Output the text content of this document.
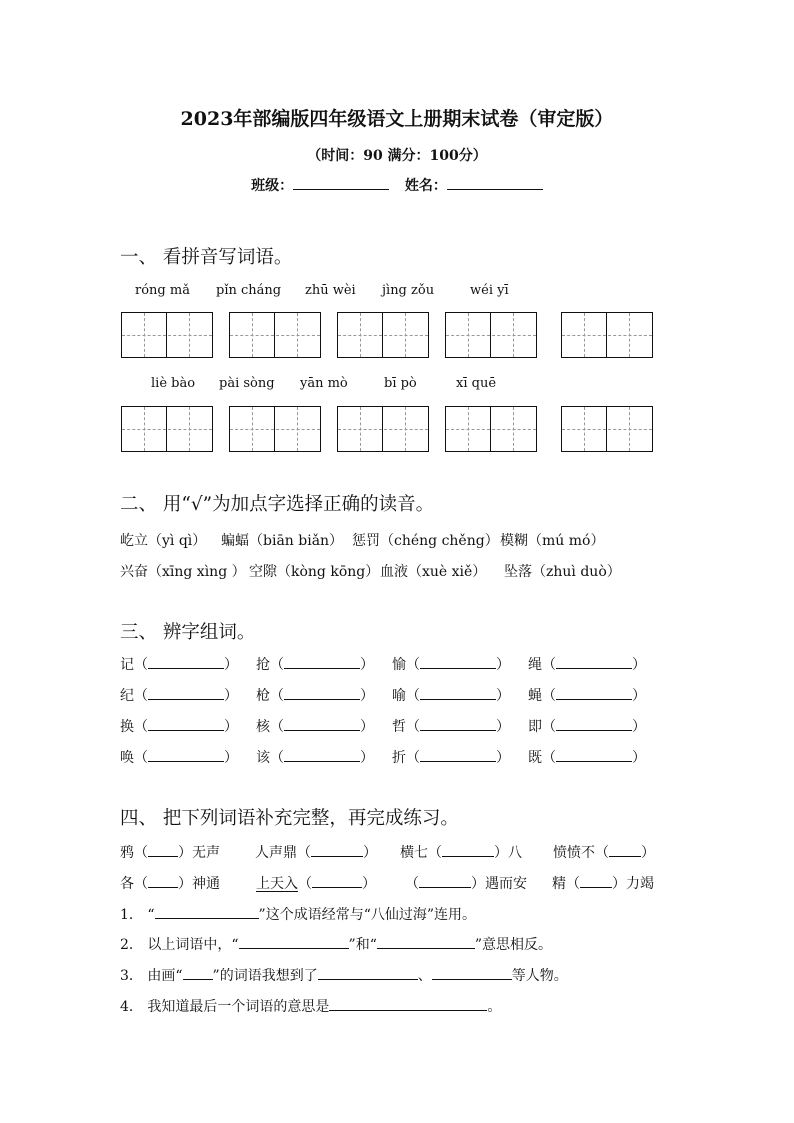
2023年部编版四年级语文上册期末试卷（审定版）
（时间：90 满分：100分）
班级：	姓名：
一、 看拼音写词语。
róng mǎ pǐn cháng zhū wèi jìng zǒu	wéi yī
liè bào pài sòng yān mò	bī pò	xī quē
二、 用“√”为加点字选择正确的读音。
屹立（yì qì） 蝙蝠（biān biǎn） 惩罚（chéng chěng） 模糊（mú mó）
兴奋（xīng xìng ） 空隙（kòng kōng） 血液（xuè xiě） 坠落（zhuì duò）
三、 辨字组词。
记（	） 抢（	） 愉（	） 绳（	）
纪（	） 枪（	） 喻（	） 蝇（	）
换（	） 核（	） 哲（	） 即（	）
唤（	） 该（	） 折（	） 既（	）
四、 把下列词语补充完整，再完成练习。
鸦（ ）无声	人声鼎（	） 横七（	）八 愤愤不（ ）
各（ ）神通	上天入（	） （	）遇而安 精（ ）力竭
1． “	”这个成语经常与“八仙过海”连用。
2． 以上词语中，“	”和“	”意思相反。
3． 由画“ ”的词语我想到了	、	等人物。
4． 我知道最后一个词语的意思是	。
